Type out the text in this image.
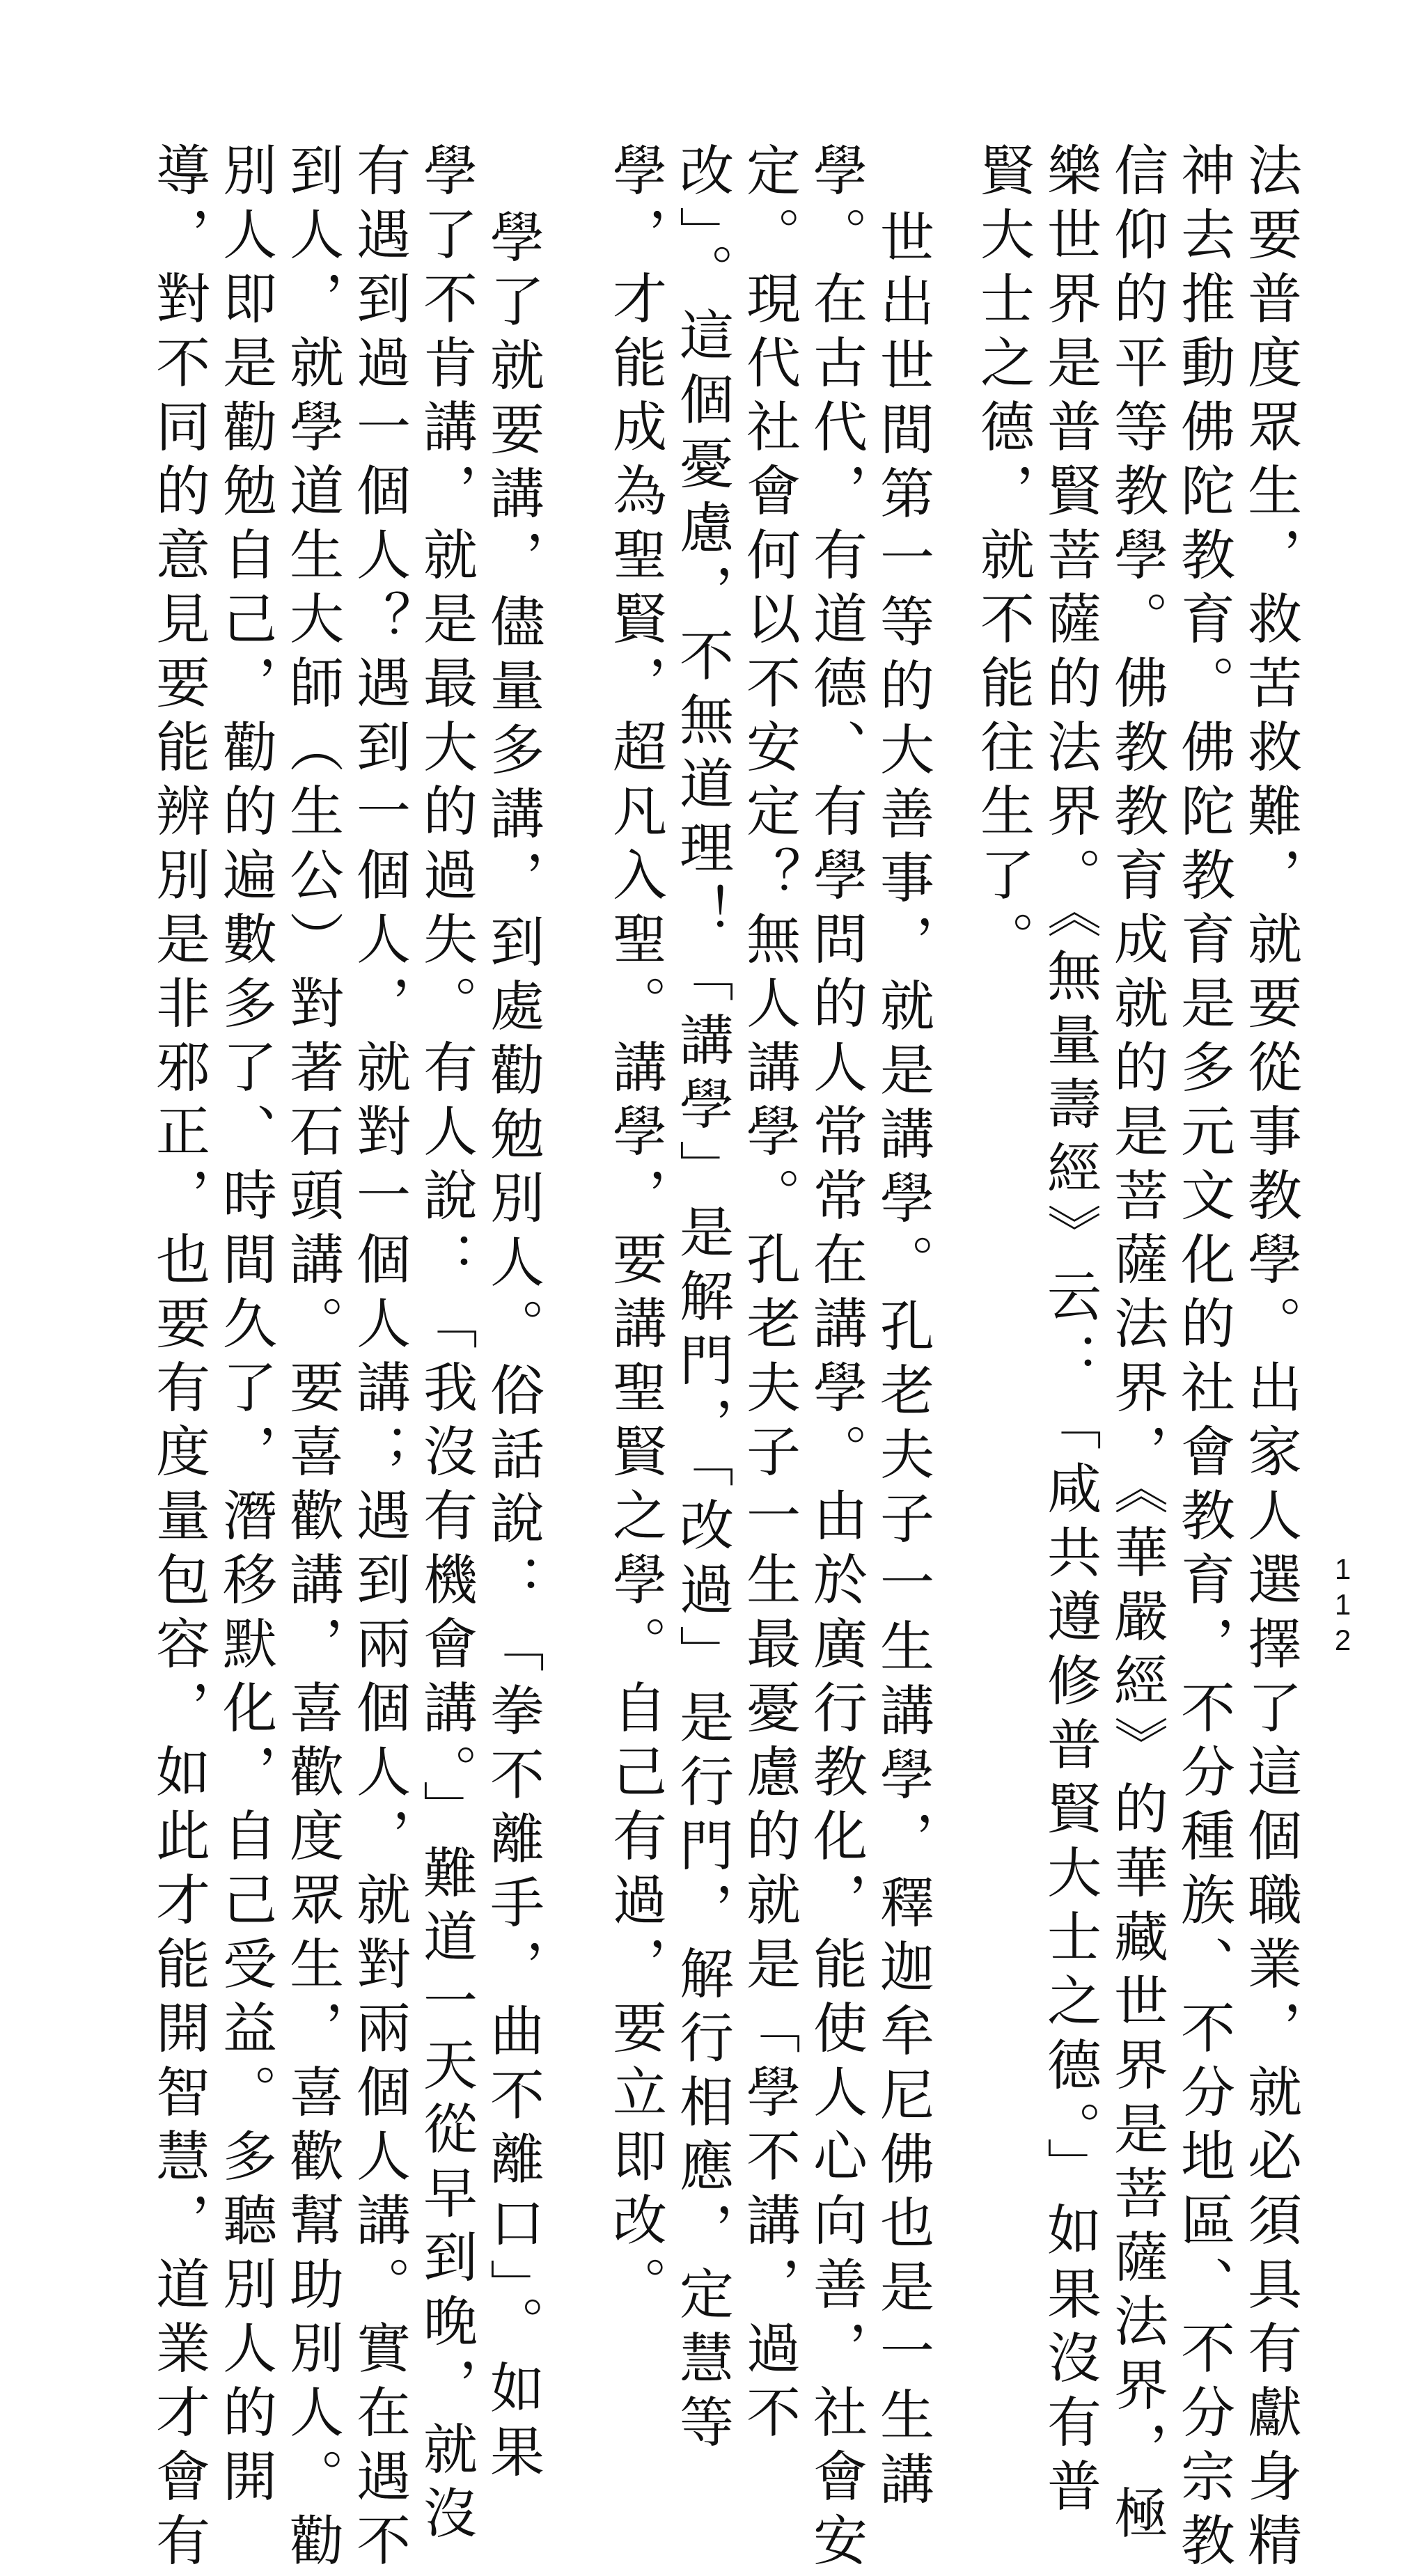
112
法要普度眾生，救苦救難，就要從事教學。出家人選擇了這個職業，就必須具有獻身精
神去推動佛陀教育。佛陀教育是多元文化的社會教育，不分種族、不分地區、不分宗教
信仰的平等教學。佛教教育成就的是菩薩法界，《華嚴經》的華藏世界是菩薩法界，極
樂世界是普賢菩薩的法界。《無量壽經》云：「咸共遵修普賢大士之德。」如果沒有普
賢大士之德，就不能往生了。
世出世間第一等的大善事，就是講學。孔老夫子一生講學，釋迦牟尼佛也是一生講
學。在古代，有道德、有學問的人常常在講學。由於廣行教化，能使人心向善，社會安
定。現代社會何以不安定？無人講學。孔老夫子一生最憂慮的就是「學不講，過不
改」。這個憂慮，不無道理！「講學」是解門，「改過」是行門，解行相應，定慧等
學，才能成為聖賢，超凡入聖。講學，要講聖賢之學。自己有過，要立即改。
學了就要講，儘量多講，到處勸勉別人。俗話說：「拳不離手，曲不離口」。如果
學了不肯講，就是最大的過失。有人說：「我沒有機會講。」難道一天從早到晚，就沒
有遇到過一個人？遇到一個人，就對一個人講；遇到兩個人，就對兩個人講。實在遇不
到人，就學道生大師（生公）對著石頭講。要喜歡講，喜歡度眾生，喜歡幫助別人。勸
別人即是勸勉自己，勸的遍數多了、時間久了，潛移默化，自己受益。多聽別人的開
導，對不同的意見要能辨別是非邪正，也要有度量包容，如此才能開智慧，道業才會有
